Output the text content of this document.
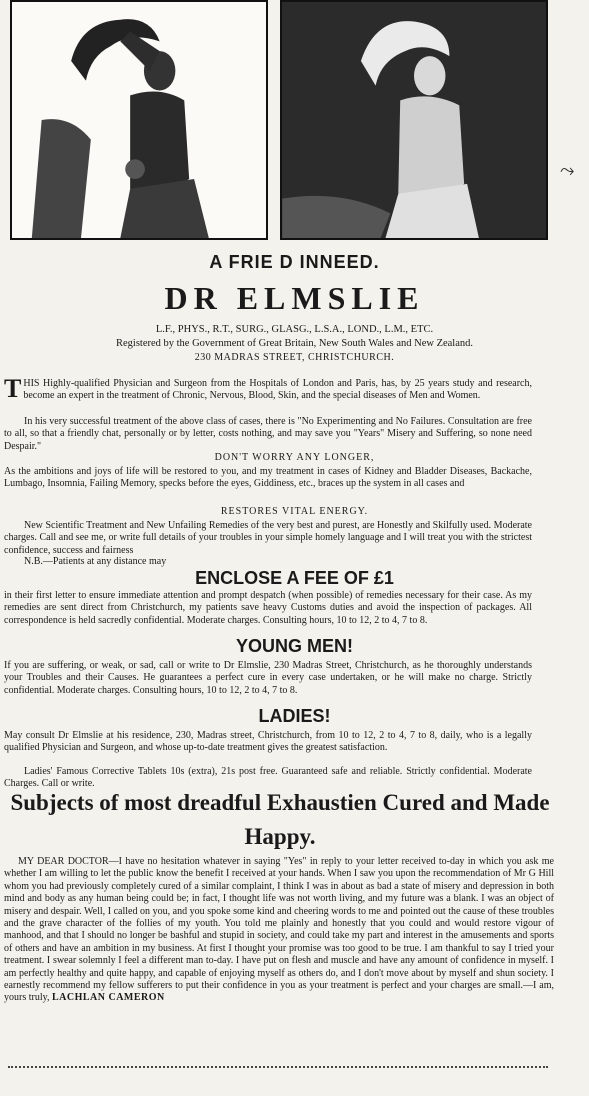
⤳
A FRIE D INNEED.
DR ELMSLIE
L.F., PHYS., R.T., SURG., GLASG., L.S.A., LOND., L.M., ETC.
Registered by the Government of Great Britain, New South Wales and New Zealand.
230 MADRAS STREET, CHRISTCHURCH.
T HIS Highly-qualified Physician and Surgeon from the Hospitals of London and Paris, has, by 25 years study and research, become an expert in the treatment of Chronic, Nervous, Blood, Skin, and the special diseases of Men and Women.
In his very successful treatment of the above class of cases, there is "No Experimenting and No Failures. Consultation are free to all, so that a friendly chat, personally or by letter, costs nothing, and may save you "Years" Misery and Suffering, so none need Despair."
DON'T WORRY ANY LONGER,
As the ambitions and joys of life will be restored to you, and my treatment in cases of Kidney and Bladder Diseases, Backache, Lumbago, Insomnia, Failing Memory, specks before the eyes, Giddiness, etc., braces up the system in all cases and
RESTORES VITAL ENERGY.
New Scientific Treatment and New Unfailing Remedies of the very best and purest, are Honestly and Skilfully used. Moderate charges. Call and see me, or write full details of your troubles in your simple homely language and I will treat you with the strictest confidence, success and fairness
N.B.—Patients at any distance may
ENCLOSE A FEE OF £1
in their first letter to ensure immediate attention and prompt despatch (when possible) of remedies necessary for their case. As my remedies are sent direct from Christchurch, my patients save heavy Customs duties and avoid the inspection of packages. All correspondence is held sacredly confidential. Moderate charges. Consulting hours, 10 to 12, 2 to 4, 7 to 8.
YOUNG MEN!
If you are suffering, or weak, or sad, call or write to Dr Elmslie, 230 Madras Street, Christchurch, as he thoroughly understands your Troubles and their Causes. He guarantees a perfect cure in every case undertaken, or he will make no charge. Strictly confidential. Moderate charges. Consulting hours, 10 to 12, 2 to 4, 7 to 8.
LADIES!
May consult Dr Elmslie at his residence, 230, Madras street, Christchurch, from 10 to 12, 2 to 4, 7 to 8, daily, who is a legally qualified Physician and Surgeon, and whose up-to-date treatment gives the greatest satisfaction.
Ladies' Famous Corrective Tablets 10s (extra), 21s post free. Guaranteed safe and reliable. Strictly confidential. Moderate Charges. Call or write.
Subjects of most dreadful Exhaustien Cured and Made Happy.
MY DEAR DOCTOR—I have no hesitation whatever in saying "Yes" in reply to your letter received to-day in which you ask me whether I am willing to let the public know the benefit I received at your hands. When I saw you upon the recommendation of Mr G Hill whom you had previously completely cured of a similar complaint, I think I was in about as bad a state of misery and depression in both mind and body as any human being could be; in fact, I thought life was not worth living, and my future was a blank. I was an object of misery and despair. Well, I called on you, and you spoke some kind and cheering words to me and pointed out the cause of these troubles and the grave character of the follies of my youth. You told me plainly and honestly that you could and would restore vigour of manhood, and that I should no longer be bashful and stupid in society, and could take my part and interest in the amusements and sports of others and have an ambition in my business. At first I thought your promise was too good to be true. I am thankful to say I tried your treatment. I swear solemnly I feel a different man to-day. I have put on flesh and muscle and have any amount of confidence in myself. I am perfectly healthy and quite happy, and capable of enjoying myself as others do, and I don't move about by myself and shun society. I earnestly recommend my fellow sufferers to put their confidence in you as your treatment is perfect and your charges are small.—I am, yours truly, LACHLAN CAMERON
